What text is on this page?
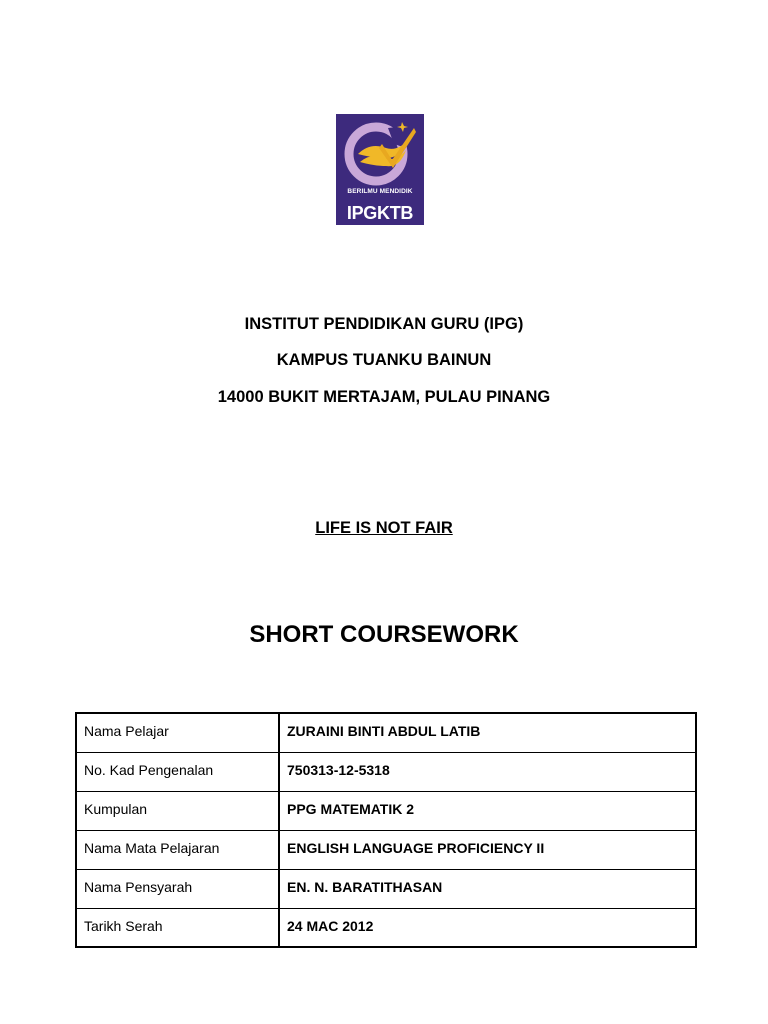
BERILMU MENDIDIK
IPGKTB
INSTITUT PENDIDIKAN GURU (IPG)
KAMPUS TUANKU BAINUN
14000 BUKIT MERTAJAM, PULAU PINANG
LIFE IS NOT FAIR
SHORT COURSEWORK
Nama Pelajar	ZURAINI BINTI ABDUL LATIB
No. Kad Pengenalan	750313-12-5318
Kumpulan	PPG MATEMATIK 2
Nama Mata Pelajaran	ENGLISH LANGUAGE PROFICIENCY II
Nama Pensyarah	EN. N. BARATITHASAN
Tarikh Serah	24 MAC 2012
